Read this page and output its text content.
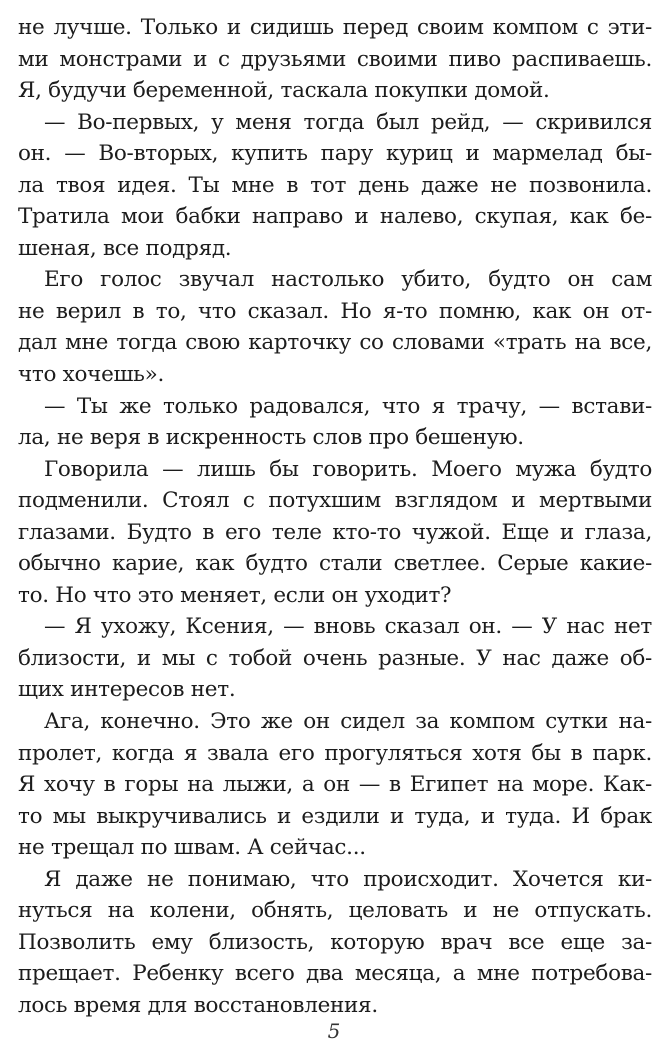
не лучше. Только и сидишь перед своим компом с эти-
ми монстрами и с друзьями своими пиво распиваешь.
Я, будучи беременной, таскала покупки домой.
— Во-первых, у меня тогда был рейд, — скривился
он. — Во-вторых, купить пару куриц и мармелад бы-
ла твоя идея. Ты мне в тот день даже не позвонила.
Тратила мои бабки направо и налево, скупая, как бе-
шеная, все подряд.
Его голос звучал настолько убито, будто он сам
не верил в то, что сказал. Но я-то помню, как он от-
дал мне тогда свою карточку со словами «трать на все,
что хочешь».
— Ты же только радовался, что я трачу, — встави-
ла, не веря в искренность слов про бешеную.
Говорила — лишь бы говорить. Моего мужа будто
подменили. Стоял с потухшим взглядом и мертвыми
глазами. Будто в его теле кто-то чужой. Еще и глаза,
обычно карие, как будто стали светлее. Серые какие-
то. Но что это меняет, если он уходит?
— Я ухожу, Ксения, — вновь сказал он. — У нас нет
близости, и мы с тобой очень разные. У нас даже об-
щих интересов нет.
Ага, конечно. Это же он сидел за компом сутки на-
пролет, когда я звала его прогуляться хотя бы в парк.
Я хочу в горы на лыжи, а он — в Египет на море. Как-
то мы выкручивались и ездили и туда, и туда. И брак
не трещал по швам. А сейчас...
Я даже не понимаю, что происходит. Хочется ки-
нуться на колени, обнять, целовать и не отпускать.
Позволить ему близость, которую врач все еще за-
прещает. Ребенку всего два месяца, а мне потребова-
лось время для восстановления.
5
